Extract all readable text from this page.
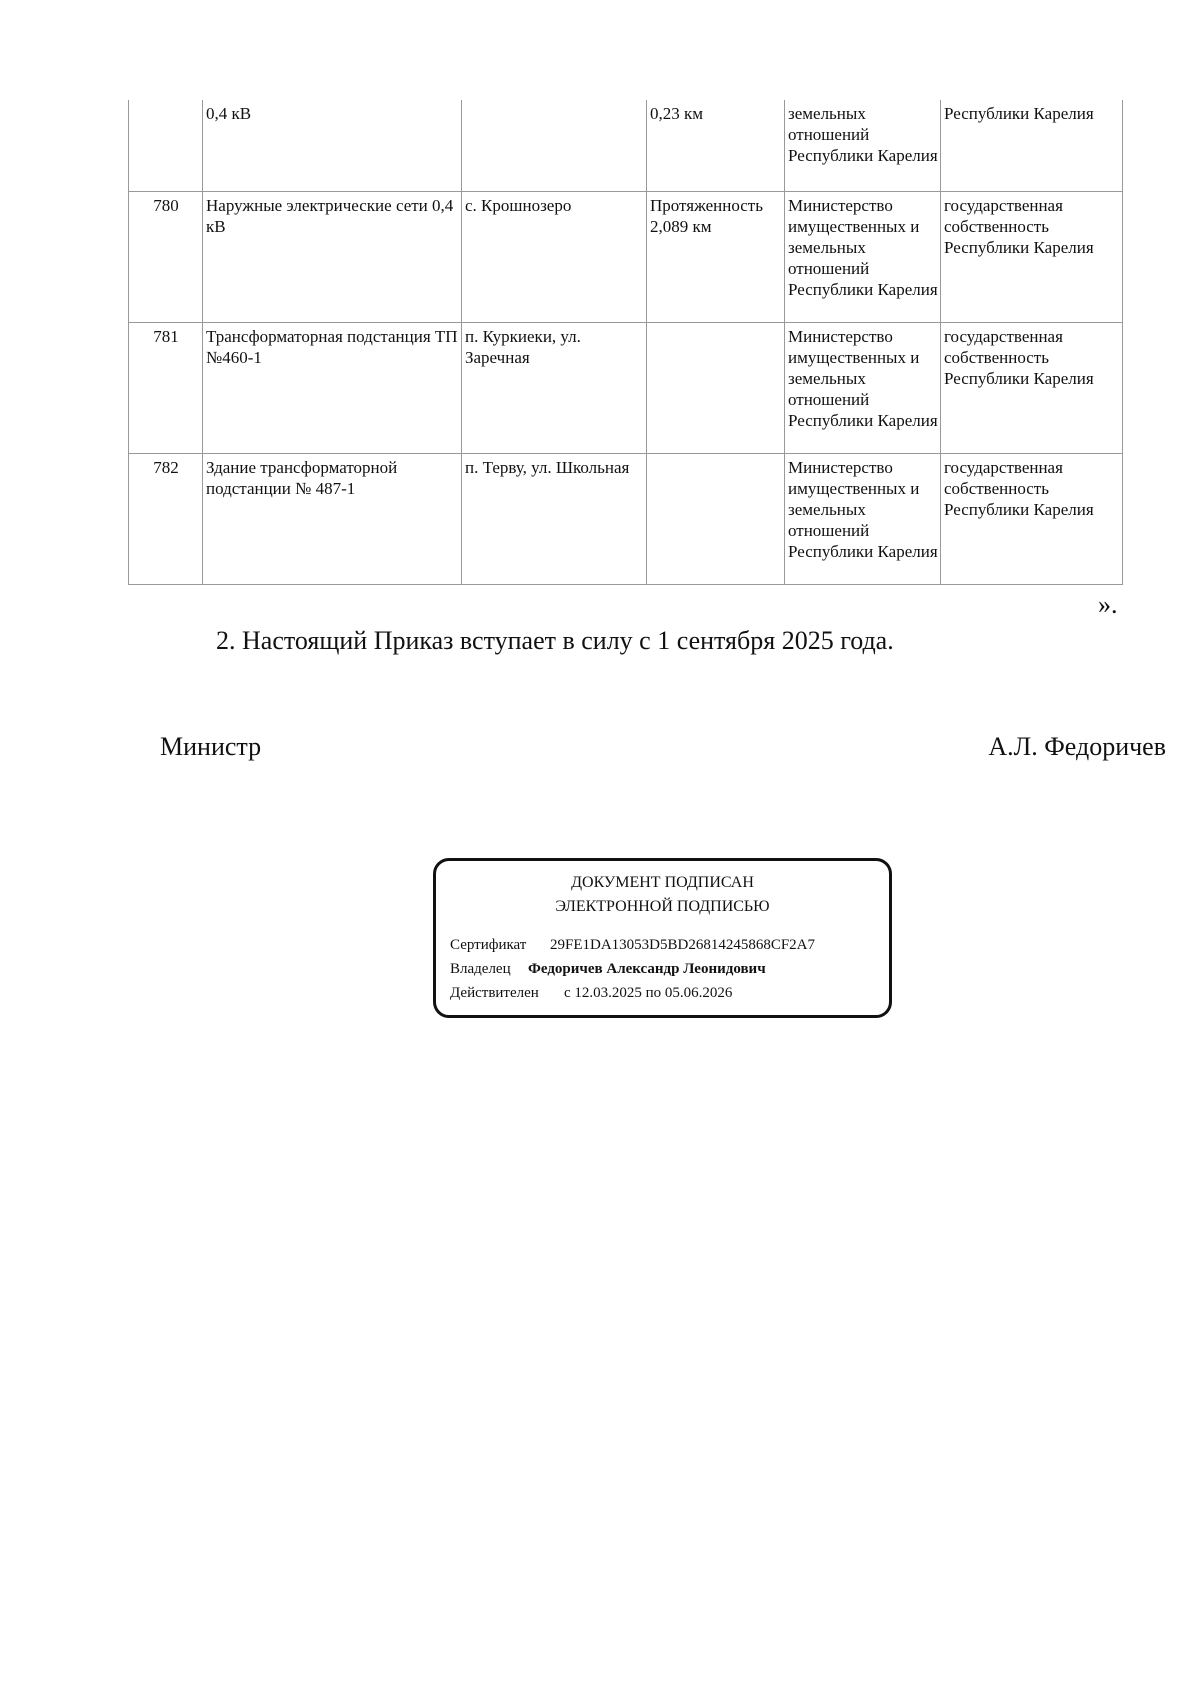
	0,4 кВ		0,23 км	земельных отношений Республики Карелия	Республики Карелия
780	Наружные электрические сети 0,4 кВ	с. Крошнозеро	Протяженность 2,089 км	Министерство имущественных и земельных отношений Республики Карелия	государственная собственность Республики Карелия
781	Трансформаторная подстанция ТП №460-1	п. Куркиеки, ул. Заречная		Министерство имущественных и земельных отношений Республики Карелия	государственная собственность Республики Карелия
782	Здание трансформаторной подстанции № 487-1	п. Терву, ул. Школьная		Министерство имущественных и земельных отношений Республики Карелия	государственная собственность Республики Карелия
».
2. Настоящий Приказ вступает в силу с 1 сентября 2025 года.
Министр	А.Л. Федоричев
ДОКУМЕНТ ПОДПИСАН
ЭЛЕКТРОННОЙ ПОДПИСЬЮ
Сертификат 29FE1DA13053D5BD26814245868CF2A7
Владелец Федоричев Александр Леонидович
Действителен с 12.03.2025 по 05.06.2026
